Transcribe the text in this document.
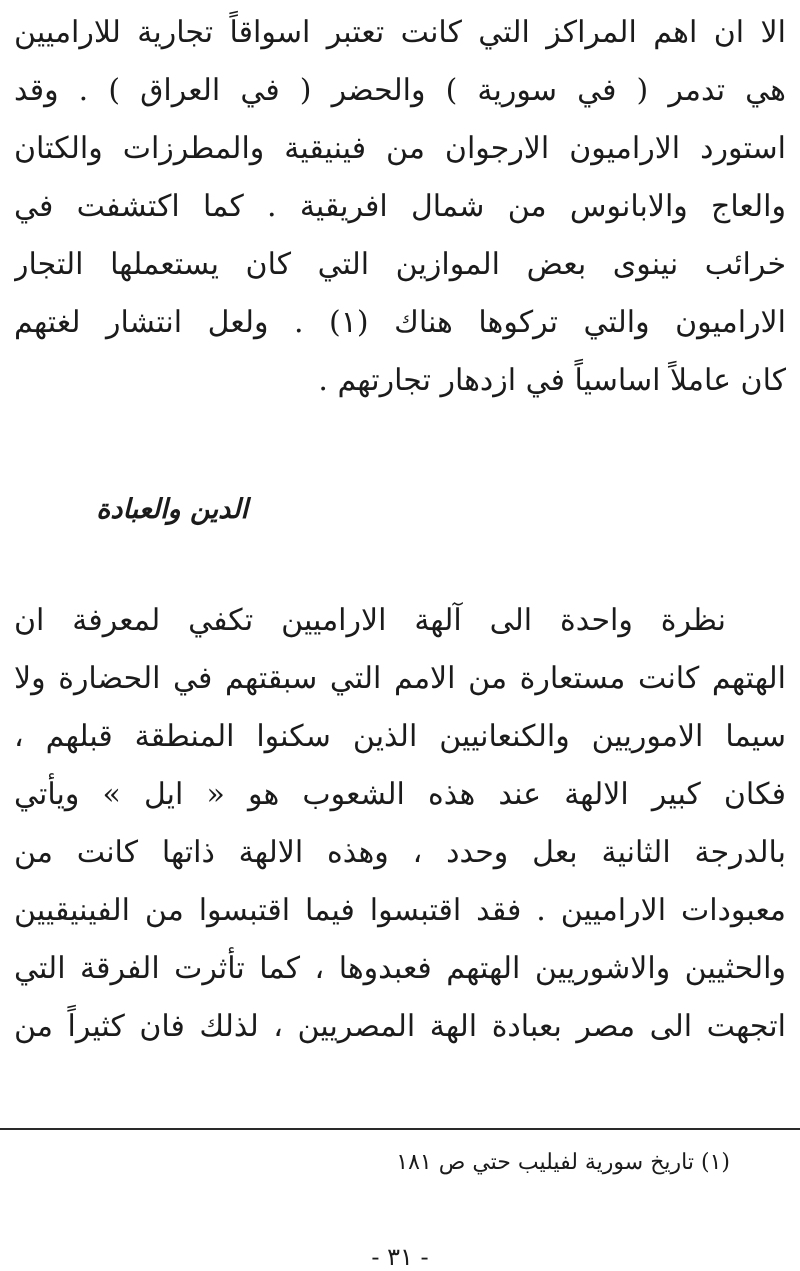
الا ان اهم المراكز التي كانت تعتبر اسواقاً تجارية للاراميين
هي تدمر ( في سورية ) والحضر ( في العراق ) . وقد
استورد الاراميون الارجوان من فينيقية والمطرزات والكتان
والعاج والابانوس من شمال افريقية . كما اكتشفت في
خرائب نينوى بعض الموازين التي كان يستعملها التجار
الاراميون والتي تركوها هناك (١) . ولعل انتشار لغتهم
كان عاملاً اساسياً في ازدهار تجارتهم .
الدين والعبادة
نظرة واحدة الى آلهة الاراميين تكفي لمعرفة ان
الهتهم كانت مستعارة من الامم التي سبقتهم في الحضارة ولا
سيما الاموريين والكنعانيين الذين سكنوا المنطقة قبلهم ،
فكان كبير الالهة عند هذه الشعوب هو « ايل » ويأتي
بالدرجة الثانية بعل وحدد ، وهذه الالهة ذاتها كانت من
معبودات الاراميين . فقد اقتبسوا فيما اقتبسوا من الفينيقيين
والحثيين والاشوريين الهتهم فعبدوها ، كما تأثرت الفرقة التي
اتجهت الى مصر بعبادة الهة المصريين ، لذلك فان كثيراً من

(١) تاريخ سورية لفيليب حتي ص ١٨١

- ٣١ -
